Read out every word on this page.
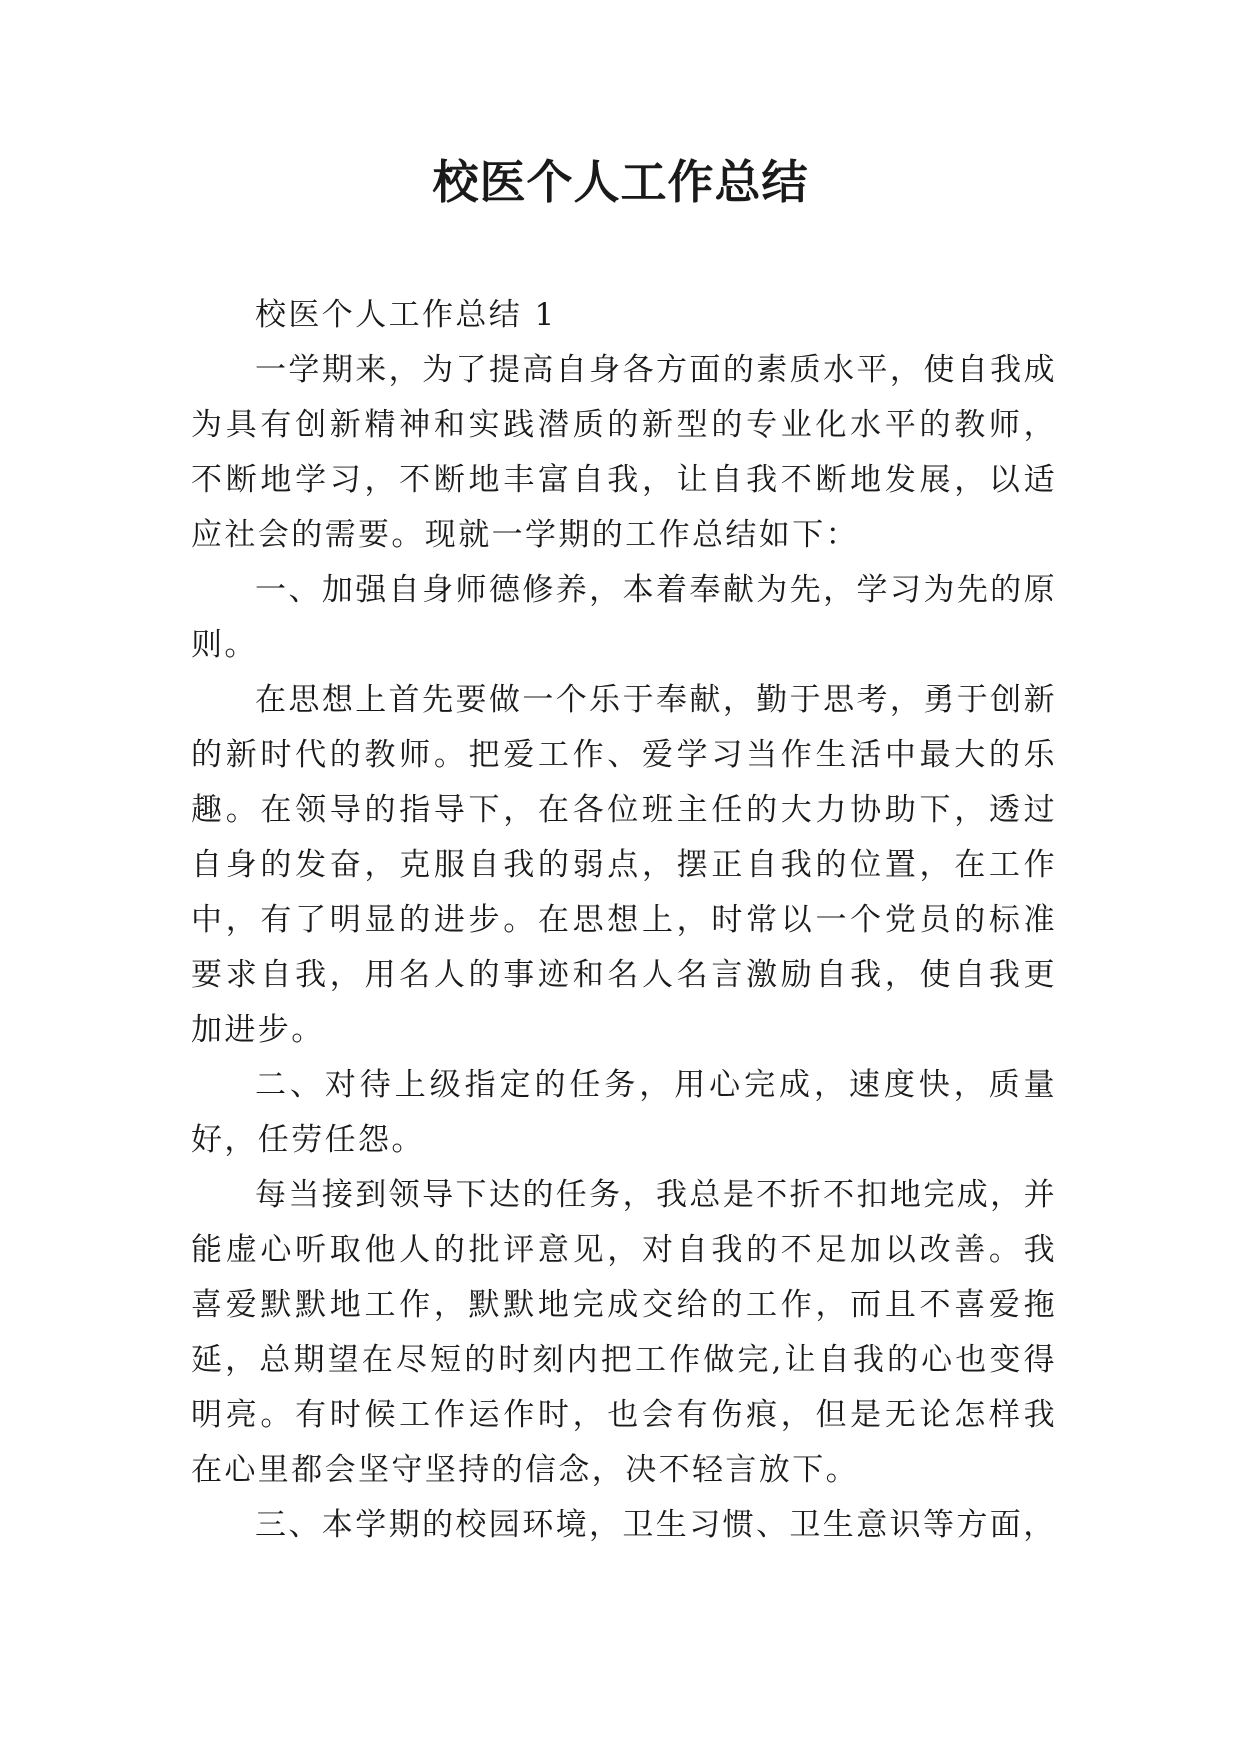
校医个人工作总结

校医个人工作总结 1

一学期来，为了提高自身各方面的素质水平，使自我成为具有创新精神和实践潜质的新型的专业化水平的教师，不断地学习，不断地丰富自我，让自我不断地发展，以适应社会的需要。现就一学期的工作总结如下：

一、加强自身师德修养，本着奉献为先，学习为先的原则。

在思想上首先要做一个乐于奉献，勤于思考，勇于创新的新时代的教师。把爱工作、爱学习当作生活中最大的乐趣。在领导的指导下，在各位班主任的大力协助下，透过自身的发奋，克服自我的弱点，摆正自我的位置，在工作中，有了明显的进步。在思想上，时常以一个党员的标准要求自我，用名人的事迹和名人名言激励自我，使自我更加进步。

二、对待上级指定的任务，用心完成，速度快，质量好，任劳任怨。

每当接到领导下达的任务，我总是不折不扣地完成，并能虚心听取他人的批评意见，对自我的不足加以改善。我喜爱默默地工作，默默地完成交给的工作，而且不喜爱拖延，总期望在尽短的时刻内把工作做完,让自我的心也变得明亮。有时候工作运作时，也会有伤痕，但是无论怎样我在心里都会坚守坚持的信念，决不轻言放下。

三、本学期的校园环境，卫生习惯、卫生意识等方面，
